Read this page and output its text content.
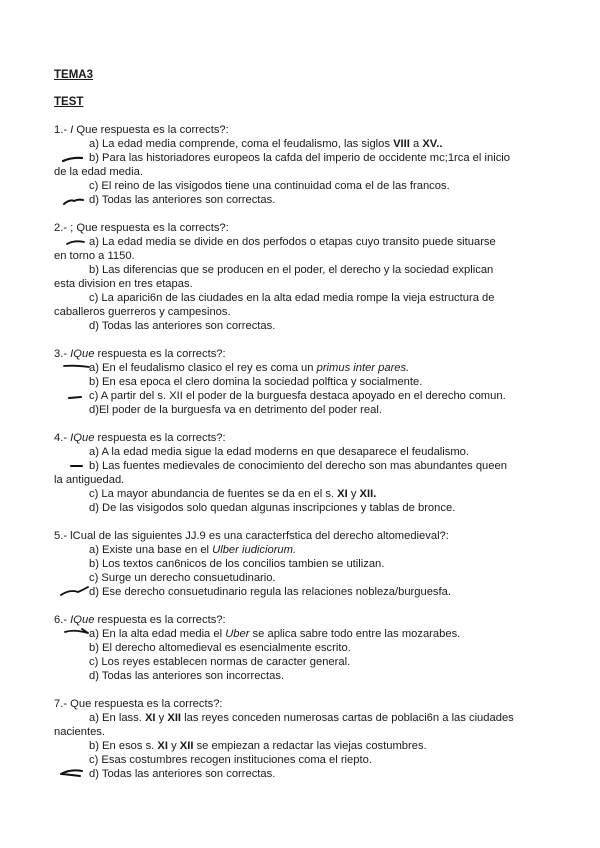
TEMA3
TEST
1.- I Que respuesta es la corrects?:
a) La edad media comprende, coma el feudalismo, las siglos VIII a XV..
b) Para las historiadores europeos la cafda del imperio de occidente mc;1rca el inicio
de la edad media.
c) El reino de las visigodos tiene una continuidad coma el de las francos.
d) Todas las anteriores son correctas.
2.- ; Que respuesta es la corrects?:
a) La edad media se divide en dos perfodos o etapas cuyo transito puede situarse
en torno a 1150.
b) Las diferencias que se producen en el poder, el derecho y la sociedad explican
esta division en tres etapas.
c) La aparici6n de las ciudades en la alta edad media rompe la vieja estructura de
caballeros guerreros y campesinos.
d) Todas las anteriores son correctas.
3.- IQue respuesta es la corrects?:
a) En el feudalismo clasico el rey es coma un primus inter pares.
b) En esa epoca el clero domina la sociedad polftica y socialmente.
c) A partir del s. XII el poder de la burguesfa destaca apoyado en el derecho comun.
d)El poder de la burguesfa va en detrimento del poder real.
4.- IQue respuesta es la corrects?:
a) A la edad media sigue la edad moderns en que desaparece el feudalismo.
b) Las fuentes medievales de conocimiento del derecho son mas abundantes queen
la antiguedad.
c) La mayor abundancia de fuentes se da en el s. XI y XII.
d) De las visigodos solo quedan algunas inscripciones y tablas de bronce.
5.- lCual de las siguientes JJ.9 es una caracterfstica del derecho altomedieval?:
a) Existe una base en el Ulber iudiciorum.
b) Los textos can6nicos de los concilios tambien se utilizan.
c) Surge un derecho consuetudinario.
d) Ese derecho consuetudinario regula las relaciones nobleza/burguesfa.
6.- IQue respuesta es la corrects?:
a) En la alta edad media el Uber se aplica sabre todo entre las mozarabes.
b) El derecho altomedieval es esencialmente escrito.
c) Los reyes establecen normas de caracter general.
d) Todas las anteriores son incorrectas.
7.- Que respuesta es la corrects?:
a) En lass. XI y XII las reyes conceden numerosas cartas de poblaci6n a las ciudades
nacientes.
b) En esos s. XI y XII se empiezan a redactar las viejas costumbres.
c) Esas costumbres recogen instituciones coma el riepto.
d) Todas las anteriores son correctas.
